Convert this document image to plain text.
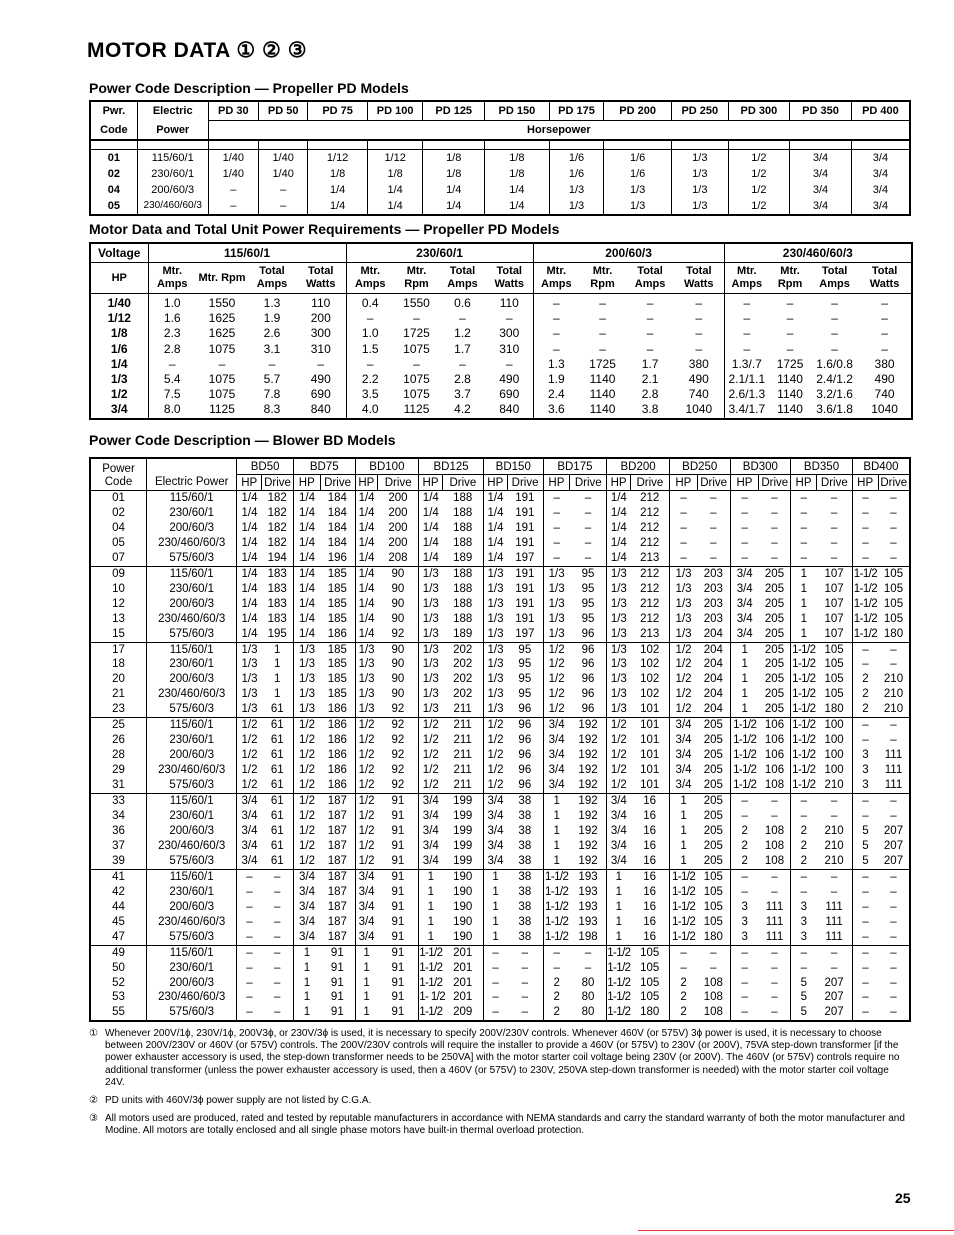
MOTOR DATA ① ② ③
Power Code Description — Propeller PD Models
Pwr.	Electric	PD 30	PD 50	PD 75	PD 100	PD 125	PD 150	PD 175	PD 200	PD 250	PD 300	PD 350	PD 400
Code	Power	Horsepower											

01	115/60/1	1/40	1/40	1/12	1/12	1/8	1/8	1/6	1/6	1/3	1/2	3/4	3/4
02	230/60/1	1/40	1/40	1/8	1/8	1/8	1/8	1/6	1/6	1/3	1/2	3/4	3/4
04	200/60/3	–	–	1/4	1/4	1/4	1/4	1/3	1/3	1/3	1/2	3/4	3/4
05	230/460/60/3	–	–	1/4	1/4	1/4	1/4	1/3	1/3	1/3	1/2	3/4	3/4
Motor Data and Total Unit Power Requirements — Propeller PD Models
Voltage	115/60/1				230/60/1				200/60/3				230/460/60/3			
HP	Mtr. Amps	Mtr. Rpm	Total Amps	Total Watts	Mtr. Amps	Mtr. Rpm	Total Amps	Total Watts	Mtr. Amps	Mtr. Rpm	Total Amps	Total Watts	Mtr. Amps	Mtr. Rpm	Total Amps	Total Watts
1/40	1.0	1550	1.3	110	0.4	1550	0.6	110	–	–	–	–	–	–	–	–
1/12	1.6	1625	1.9	200	–	–	–	–	–	–	–	–	–	–	–	–
1/8	2.3	1625	2.6	300	1.0	1725	1.2	300	–	–	–	–	–	–	–	–
1/6	2.8	1075	3.1	310	1.5	1075	1.7	310	–	–	–	–	–	–	–	–
1/4	–	–	–	–	–	–	–	–	1.3	1725	1.7	380	1.3/.7	1725	1.6/0.8	380
1/3	5.4	1075	5.7	490	2.2	1075	2.8	490	1.9	1140	2.1	490	2.1/1.1	1140	2.4/1.2	490
1/2	7.5	1075	7.8	690	3.5	1075	3.7	690	2.4	1140	2.8	740	2.6/1.3	1140	3.2/1.6	740
3/4	8.0	1125	8.3	840	4.0	1125	4.2	840	3.6	1140	3.8	1040	3.4/1.7	1140	3.6/1.8	1040
Power Code Description — Blower BD Models
Power		BD50		BD75		BD100		BD125		BD150		BD175		BD200		BD250		BD300		BD350		BD400	
Code	Electric Power	HP	Drive	HP	Drive	HP	Drive	HP	Drive	HP	Drive	HP	Drive	HP	Drive	HP	Drive	HP	Drive	HP	Drive	HP	Drive
01	115/60/1	1/4	182	1/4	184	1/4	200	1/4	188	1/4	191	–	–	1/4	212	–	–	–	–	–	–	–	–
02	230/60/1	1/4	182	1/4	184	1/4	200	1/4	188	1/4	191	–	–	1/4	212	–	–	–	–	–	–	–	–
04	200/60/3	1/4	182	1/4	184	1/4	200	1/4	188	1/4	191	–	–	1/4	212	–	–	–	–	–	–	–	–
05	230/460/60/3	1/4	182	1/4	184	1/4	200	1/4	188	1/4	191	–	–	1/4	212	–	–	–	–	–	–	–	–
07	575/60/3	1/4	194	1/4	196	1/4	208	1/4	189	1/4	197	–	–	1/4	213	–	–	–	–	–	–	–	–
09	115/60/1	1/4	183	1/4	185	1/4	90	1/3	188	1/3	191	1/3	95	1/3	212	1/3	203	3/4	205	1	107	1-1/2	105
10	230/60/1	1/4	183	1/4	185	1/4	90	1/3	188	1/3	191	1/3	95	1/3	212	1/3	203	3/4	205	1	107	1-1/2	105
12	200/60/3	1/4	183	1/4	185	1/4	90	1/3	188	1/3	191	1/3	95	1/3	212	1/3	203	3/4	205	1	107	1-1/2	105
13	230/460/60/3	1/4	183	1/4	185	1/4	90	1/3	188	1/3	191	1/3	95	1/3	212	1/3	203	3/4	205	1	107	1-1/2	105
15	575/60/3	1/4	195	1/4	186	1/4	92	1/3	189	1/3	197	1/3	96	1/3	213	1/3	204	3/4	205	1	107	1-1/2	180
17	115/60/1	1/3	1	1/3	185	1/3	90	1/3	202	1/3	95	1/2	96	1/3	102	1/2	204	1	205	1-1/2	105	–	–
18	230/60/1	1/3	1	1/3	185	1/3	90	1/3	202	1/3	95	1/2	96	1/3	102	1/2	204	1	205	1-1/2	105	–	–
20	200/60/3	1/3	1	1/3	185	1/3	90	1/3	202	1/3	95	1/2	96	1/3	102	1/2	204	1	205	1-1/2	105	2	210
21	230/460/60/3	1/3	1	1/3	185	1/3	90	1/3	202	1/3	95	1/2	96	1/3	102	1/2	204	1	205	1-1/2	105	2	210
23	575/60/3	1/3	61	1/3	186	1/3	92	1/3	211	1/3	96	1/2	96	1/3	101	1/2	204	1	205	1-1/2	180	2	210
25	115/60/1	1/2	61	1/2	186	1/2	92	1/2	211	1/2	96	3/4	192	1/2	101	3/4	205	1-1/2	106	1-1/2	100	–	–
26	230/60/1	1/2	61	1/2	186	1/2	92	1/2	211	1/2	96	3/4	192	1/2	101	3/4	205	1-1/2	106	1-1/2	100	–	–
28	200/60/3	1/2	61	1/2	186	1/2	92	1/2	211	1/2	96	3/4	192	1/2	101	3/4	205	1-1/2	106	1-1/2	100	3	111
29	230/460/60/3	1/2	61	1/2	186	1/2	92	1/2	211	1/2	96	3/4	192	1/2	101	3/4	205	1-1/2	106	1-1/2	100	3	111
31	575/60/3	1/2	61	1/2	186	1/2	92	1/2	211	1/2	96	3/4	192	1/2	101	3/4	205	1-1/2	108	1-1/2	210	3	111
33	115/60/1	3/4	61	1/2	187	1/2	91	3/4	199	3/4	38	1	192	3/4	16	1	205	–	–	–	–	–	–
34	230/60/1	3/4	61	1/2	187	1/2	91	3/4	199	3/4	38	1	192	3/4	16	1	205	–	–	–	–	–	–
36	200/60/3	3/4	61	1/2	187	1/2	91	3/4	199	3/4	38	1	192	3/4	16	1	205	2	108	2	210	5	207
37	230/460/60/3	3/4	61	1/2	187	1/2	91	3/4	199	3/4	38	1	192	3/4	16	1	205	2	108	2	210	5	207
39	575/60/3	3/4	61	1/2	187	1/2	91	3/4	199	3/4	38	1	192	3/4	16	1	205	2	108	2	210	5	207
41	115/60/1	–	–	3/4	187	3/4	91	1	190	1	38	1-1/2	193	1	16	1-1/2	105	–	–	–	–	–	–
42	230/60/1	–	–	3/4	187	3/4	91	1	190	1	38	1-1/2	193	1	16	1-1/2	105	–	–	–	–	–	–
44	200/60/3	–	–	3/4	187	3/4	91	1	190	1	38	1-1/2	193	1	16	1-1/2	105	3	111	3	111	–	–
45	230/460/60/3	–	–	3/4	187	3/4	91	1	190	1	38	1-1/2	193	1	16	1-1/2	105	3	111	3	111	–	–
47	575/60/3	–	–	3/4	187	3/4	91	1	190	1	38	1-1/2	198	1	16	1-1/2	180	3	111	3	111	–	–
49	115/60/1	–	–	1	91	1	91	1-1/2	201	–	–	–	–	1-1/2	105	–	–	–	–	–	–	–	–
50	230/60/1	–	–	1	91	1	91	1-1/2	201	–	–	–	–	1-1/2	105	–	–	–	–	–	–	–	–
52	200/60/3	–	–	1	91	1	91	1-1/2	201	–	–	2	80	1-1/2	105	2	108	–	–	5	207	–	–
53	230/460/60/3	–	–	1	91	1	91	1- 1/2	201	–	–	2	80	1-1/2	105	2	108	–	–	5	207	–	–
55	575/60/3	–	–	1	91	1	91	1-1/2	209	–	–	2	80	1-1/2	180	2	108	–	–	5	207	–	–
① Whenever 200V/1ϕ, 230V/1ϕ, 200V3ϕ, or 230V/3ϕ is used, it is necessary to specify 200V/230V controls. Whenever 460V (or 575V) 3ϕ power is used, it is necessary to choose between 200V/230V or 460V (or 575V) controls. The 200V/230V controls will require the installer to provide a 460V (or 575V) to 230V (or 200V), 75VA step-down transformer [if the power exhauster accessory is used, the step-down transformer needs to be 250VA] with the motor starter coil voltage being 230V (or 200V). The 460V (or 575V) controls require no additional transformer (unless the power exhauster accessory is used, then a 460V (or 575V) to 230V, 250VA step-down transformer is needed) with the motor starter coil voltage 24V.
② PD units with 460V/3ϕ power supply are not listed by C.G.A.
③ All motors used are produced, rated and tested by reputable manufacturers in accordance with NEMA standards and carry the standard warranty of both the motor manufacturer and Modine. All motors are totally enclosed and all single phase motors have built-in thermal overload protection.
25
